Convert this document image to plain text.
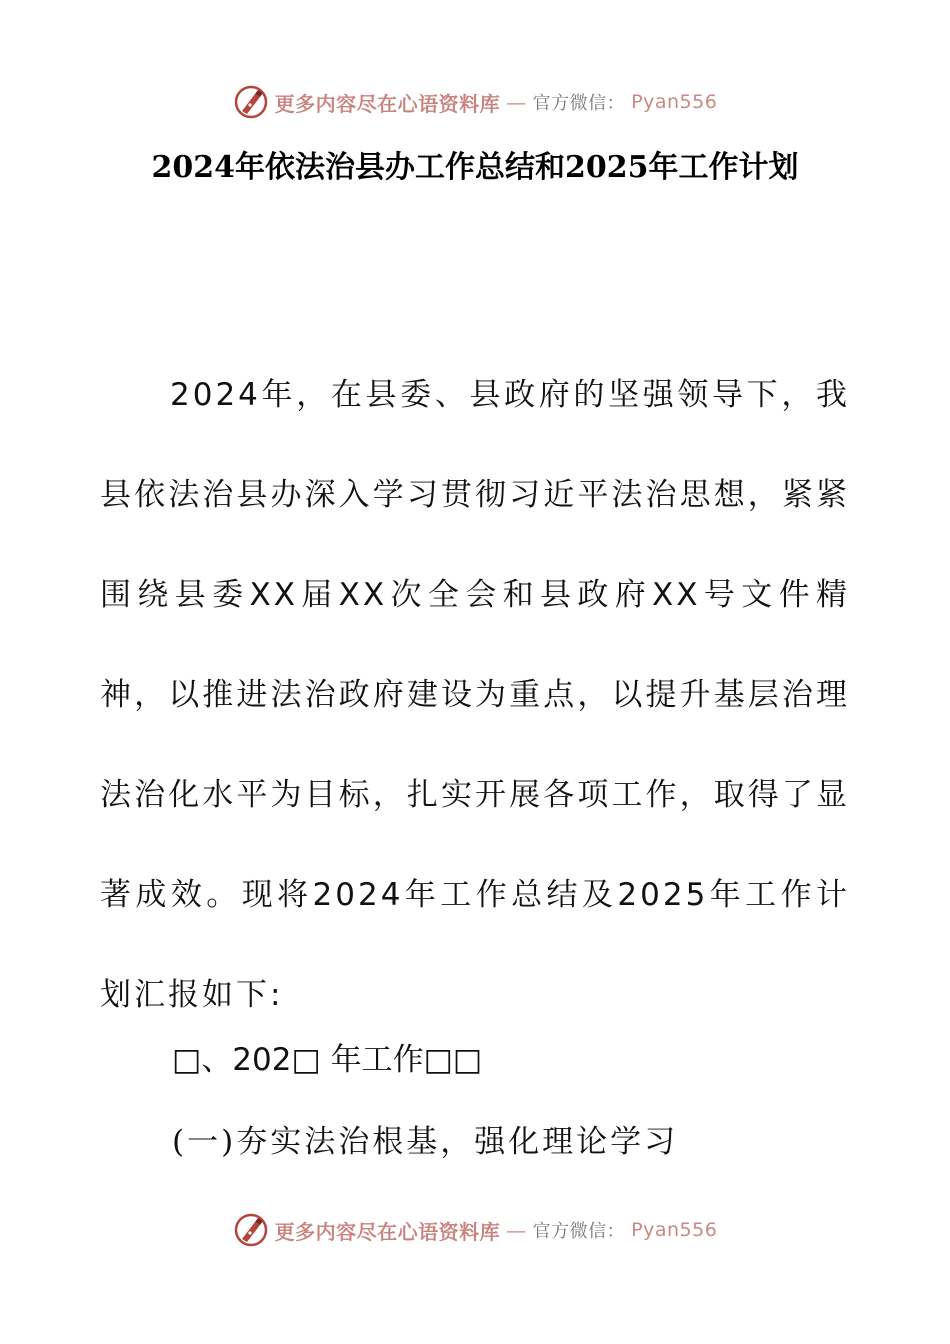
更多内容尽在心语资料库 — 官方微信： Pyan556
2024年依法治县办工作总结和2025年工作计划

2024年，在县委、县政府的坚强领导下，我县依法治县办深入学习贯彻习近平法治思想，紧紧围绕县委XX届XX次全会和县政府XX号文件精神，以推进法治政府建设为重点，以提升基层治理法治化水平为目标，扎实开展各项工作，取得了显著成效。现将2024年工作总结及2025年工作计划汇报如下:

□、202□ 年工作□□
(一)夯实法治根基，强化理论学习
更多内容尽在心语资料库 — 官方微信： Pyan556
